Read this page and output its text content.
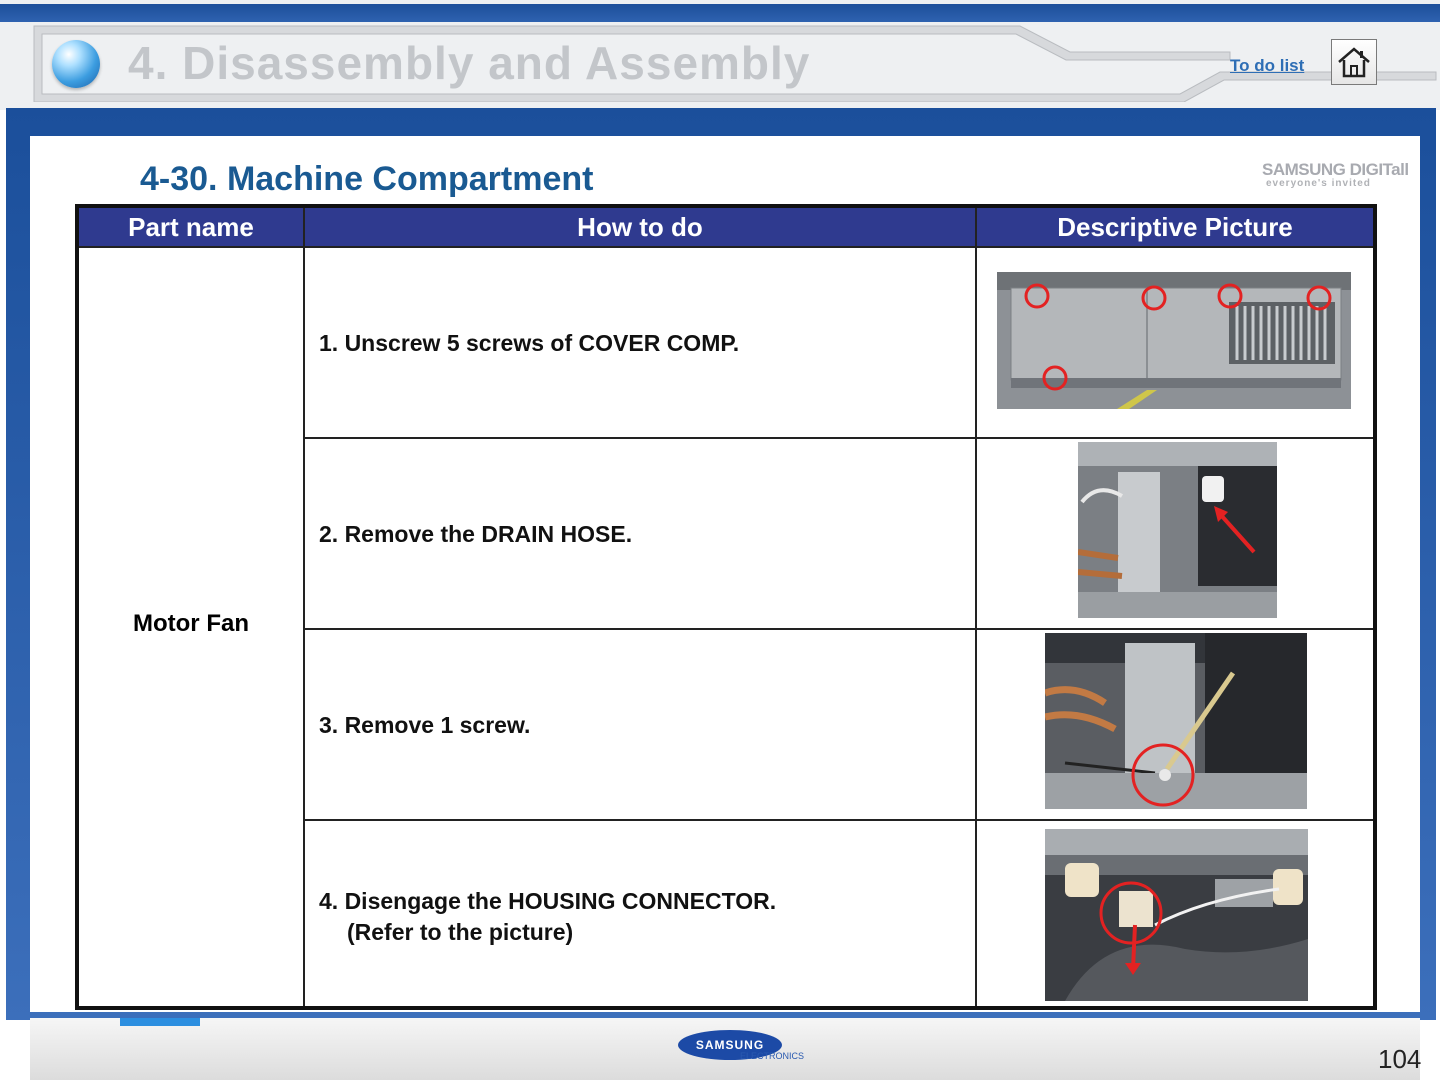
4. Disassembly and Assembly	To do list
4-30. Machine Compartment	SAMSUNG DIGITall
everyone's invited
Part name	How to do	Descriptive Picture
Motor Fan
1. Unscrew 5 screws of COVER COMP.
2. Remove the DRAIN HOSE.
3. Remove 1 screw.
4. Disengage the HOUSING CONNECTOR.
(Refer to the picture)
SAMSUNG
ELECTRONICS	104
